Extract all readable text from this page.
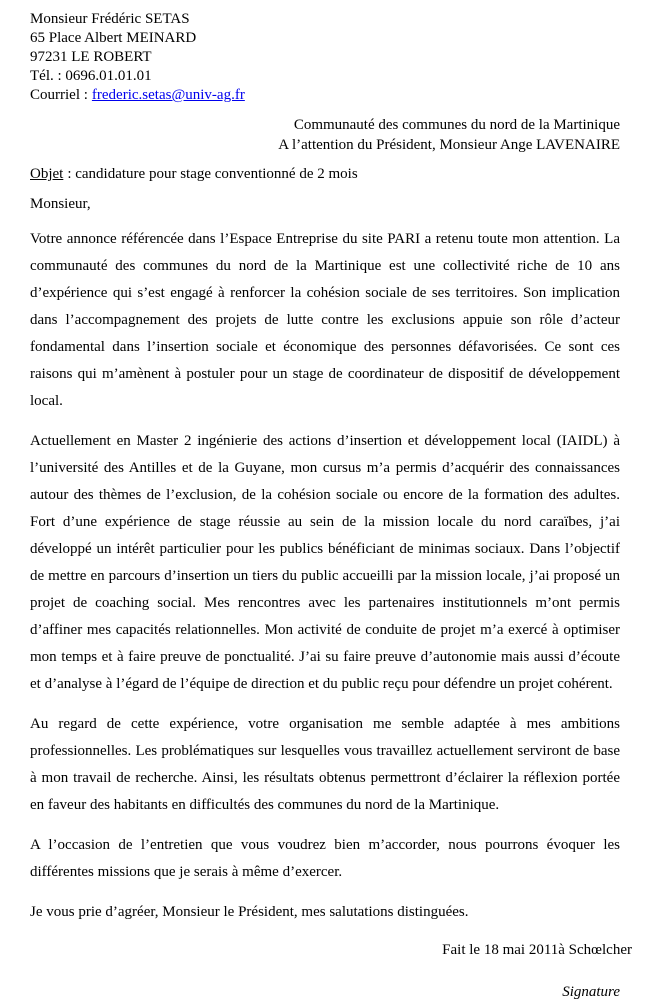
Monsieur Frédéric SETAS
65 Place Albert MEINARD
97231 LE ROBERT
Tél. : 0696.01.01.01
Courriel : frederic.setas@univ-ag.fr
Communauté des communes du nord de la Martinique
A l’attention du Président, Monsieur Ange LAVENAIRE
Objet : candidature pour stage conventionné de 2 mois
Monsieur,

Votre annonce référencée dans l’Espace Entreprise du site PARI a retenu toute mon attention. La communauté des communes du nord de la Martinique est une collectivité riche de 10 ans d’expérience qui s’est engagé à renforcer la cohésion sociale de ses territoires. Son implication dans l’accompagnement des projets de lutte contre les exclusions appuie son rôle d’acteur fondamental dans l’insertion sociale et économique des personnes défavorisées. Ce sont ces raisons qui m’amènent à postuler pour un stage de coordinateur de dispositif de développement local.

Actuellement en Master 2 ingénierie des actions d’insertion et développement local (IAIDL) à l’université des Antilles et de la Guyane, mon cursus m’a permis d’acquérir des connaissances autour des thèmes de l’exclusion, de la cohésion sociale ou encore de la formation des adultes. Fort d’une expérience de stage réussie au sein de la mission locale du nord caraïbes, j’ai développé un intérêt particulier pour les publics bénéficiant de minimas sociaux. Dans l’objectif de mettre en parcours d’insertion un tiers du public accueilli par la mission locale, j’ai proposé un projet de coaching social. Mes rencontres avec les partenaires institutionnels m’ont permis d’affiner mes capacités relationnelles. Mon activité de conduite de projet m’a exercé à optimiser mon temps et à faire preuve de ponctualité. J’ai su faire preuve d’autonomie mais aussi d’écoute et d’analyse à l’égard de l’équipe de direction et du public reçu pour défendre un projet cohérent.

Au regard de cette expérience, votre organisation me semble adaptée à mes ambitions professionnelles. Les problématiques sur lesquelles vous travaillez actuellement serviront de base à mon travail de recherche. Ainsi, les résultats obtenus permettront d’éclairer la réflexion portée en faveur des habitants en difficultés des communes du nord de la Martinique.

A l’occasion de l’entretien que vous voudrez bien m’accorder, nous pourrons évoquer les différentes missions que je serais à même d’exercer.

Je vous prie d’agréer, Monsieur le Président, mes salutations distinguées.

Fait le 18 mai 2011à Schœlcher
Signature
